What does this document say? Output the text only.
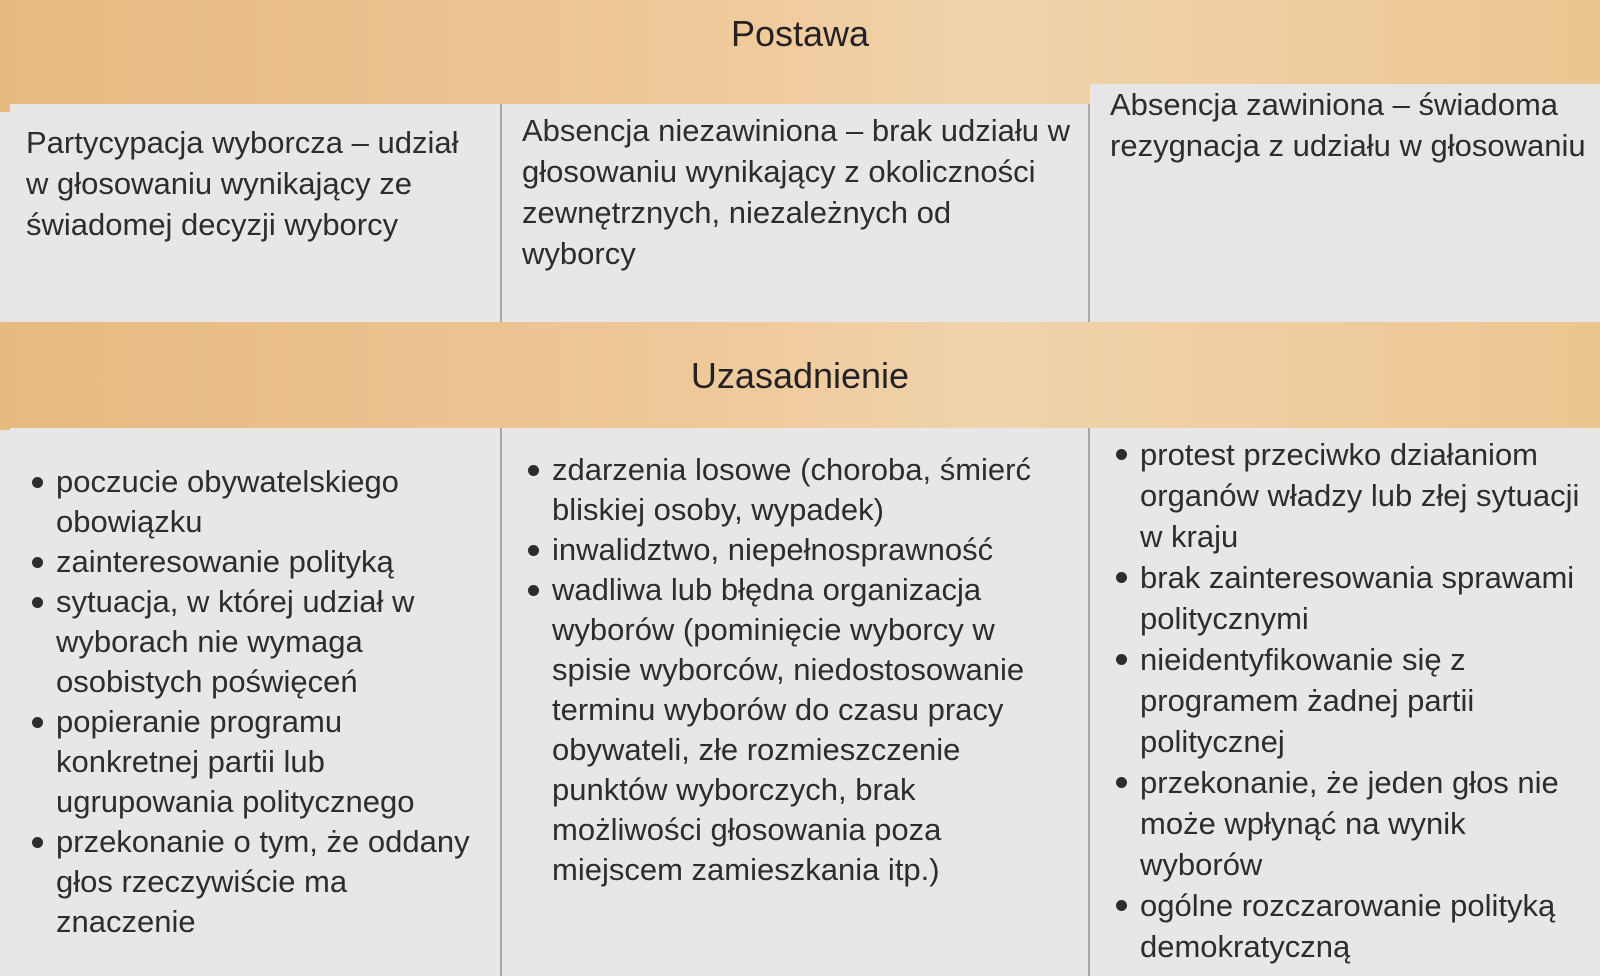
Postawa

Partycypacja wyborcza – udział w głosowaniu wynikający ze świadomej decyzji wyborcy

Absencja niezawiniona – brak udziału w głosowaniu wynikający z okoliczności zewnętrznych, niezależnych od wyborcy

Absencja zawiniona – świadoma rezygnacja z udziału w głosowaniu

Uzasadnienie
poczucie obywatelskiego obowiązku
zainteresowanie polityką
sytuacja, w której udział w wyborach nie wymaga osobistych poświęceń
popieranie programu konkretnej partii lub ugrupowania politycznego
przekonanie o tym, że oddany głos rzeczywiście ma znaczenie
zdarzenia losowe (choroba, śmierć bliskiej osoby, wypadek)
inwalidztwo, niepełnosprawność
wadliwa lub błędna organizacja wyborów (pominięcie wyborcy w spisie wyborców, niedostosowanie terminu wyborów do czasu pracy obywateli, złe rozmieszczenie punktów wyborczych, brak możliwości głosowania poza miejscem zamieszkania itp.)
protest przeciwko działaniom organów władzy lub złej sytuacji w kraju
brak zainteresowania sprawami politycznymi
nieidentyfikowanie się z programem żadnej partii politycznej
przekonanie, że jeden głos nie może wpłynąć na wynik wyborów
ogólne rozczarowanie polityką demokratyczną
